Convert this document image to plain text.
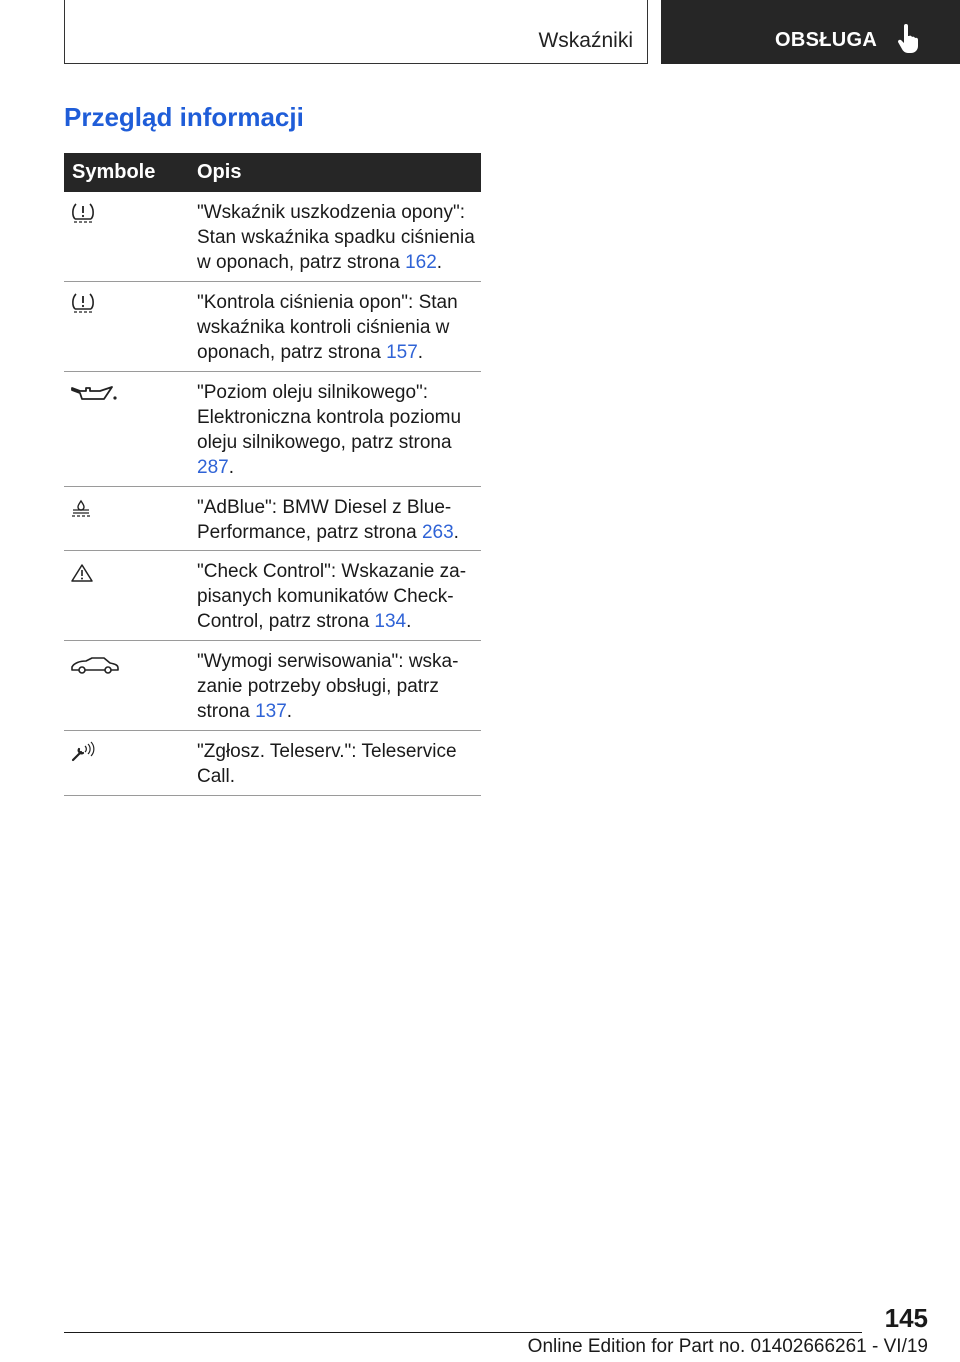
Wskaźniki	OBSŁUGA
Przegląd informacji
Symbole	Opis
"Wskaźnik uszkodzenia opony": Stan wskaźnika spadku ciśnienia w oponach, patrz strona 162.
"Kontrola ciśnienia opon": Stan wskaźnika kontroli ciśnienia w oponach, patrz strona 157.
"Poziom oleju silnikowego": Elektroniczna kontrola poziomu oleju silnikowego, patrz strona 287.
"AdBlue": BMW Diesel z Blue-Performance, patrz strona 263.
"Check Control": Wskazanie za-pisanych komunikatów Check-Control, patrz strona 134.
"Wymogi serwisowania": wska-zanie potrzeby obsługi, patrz strona 137.
"Zgłosz. Teleserv.": Teleservice Call.
145
Online Edition for Part no. 01402666261 - VI/19
